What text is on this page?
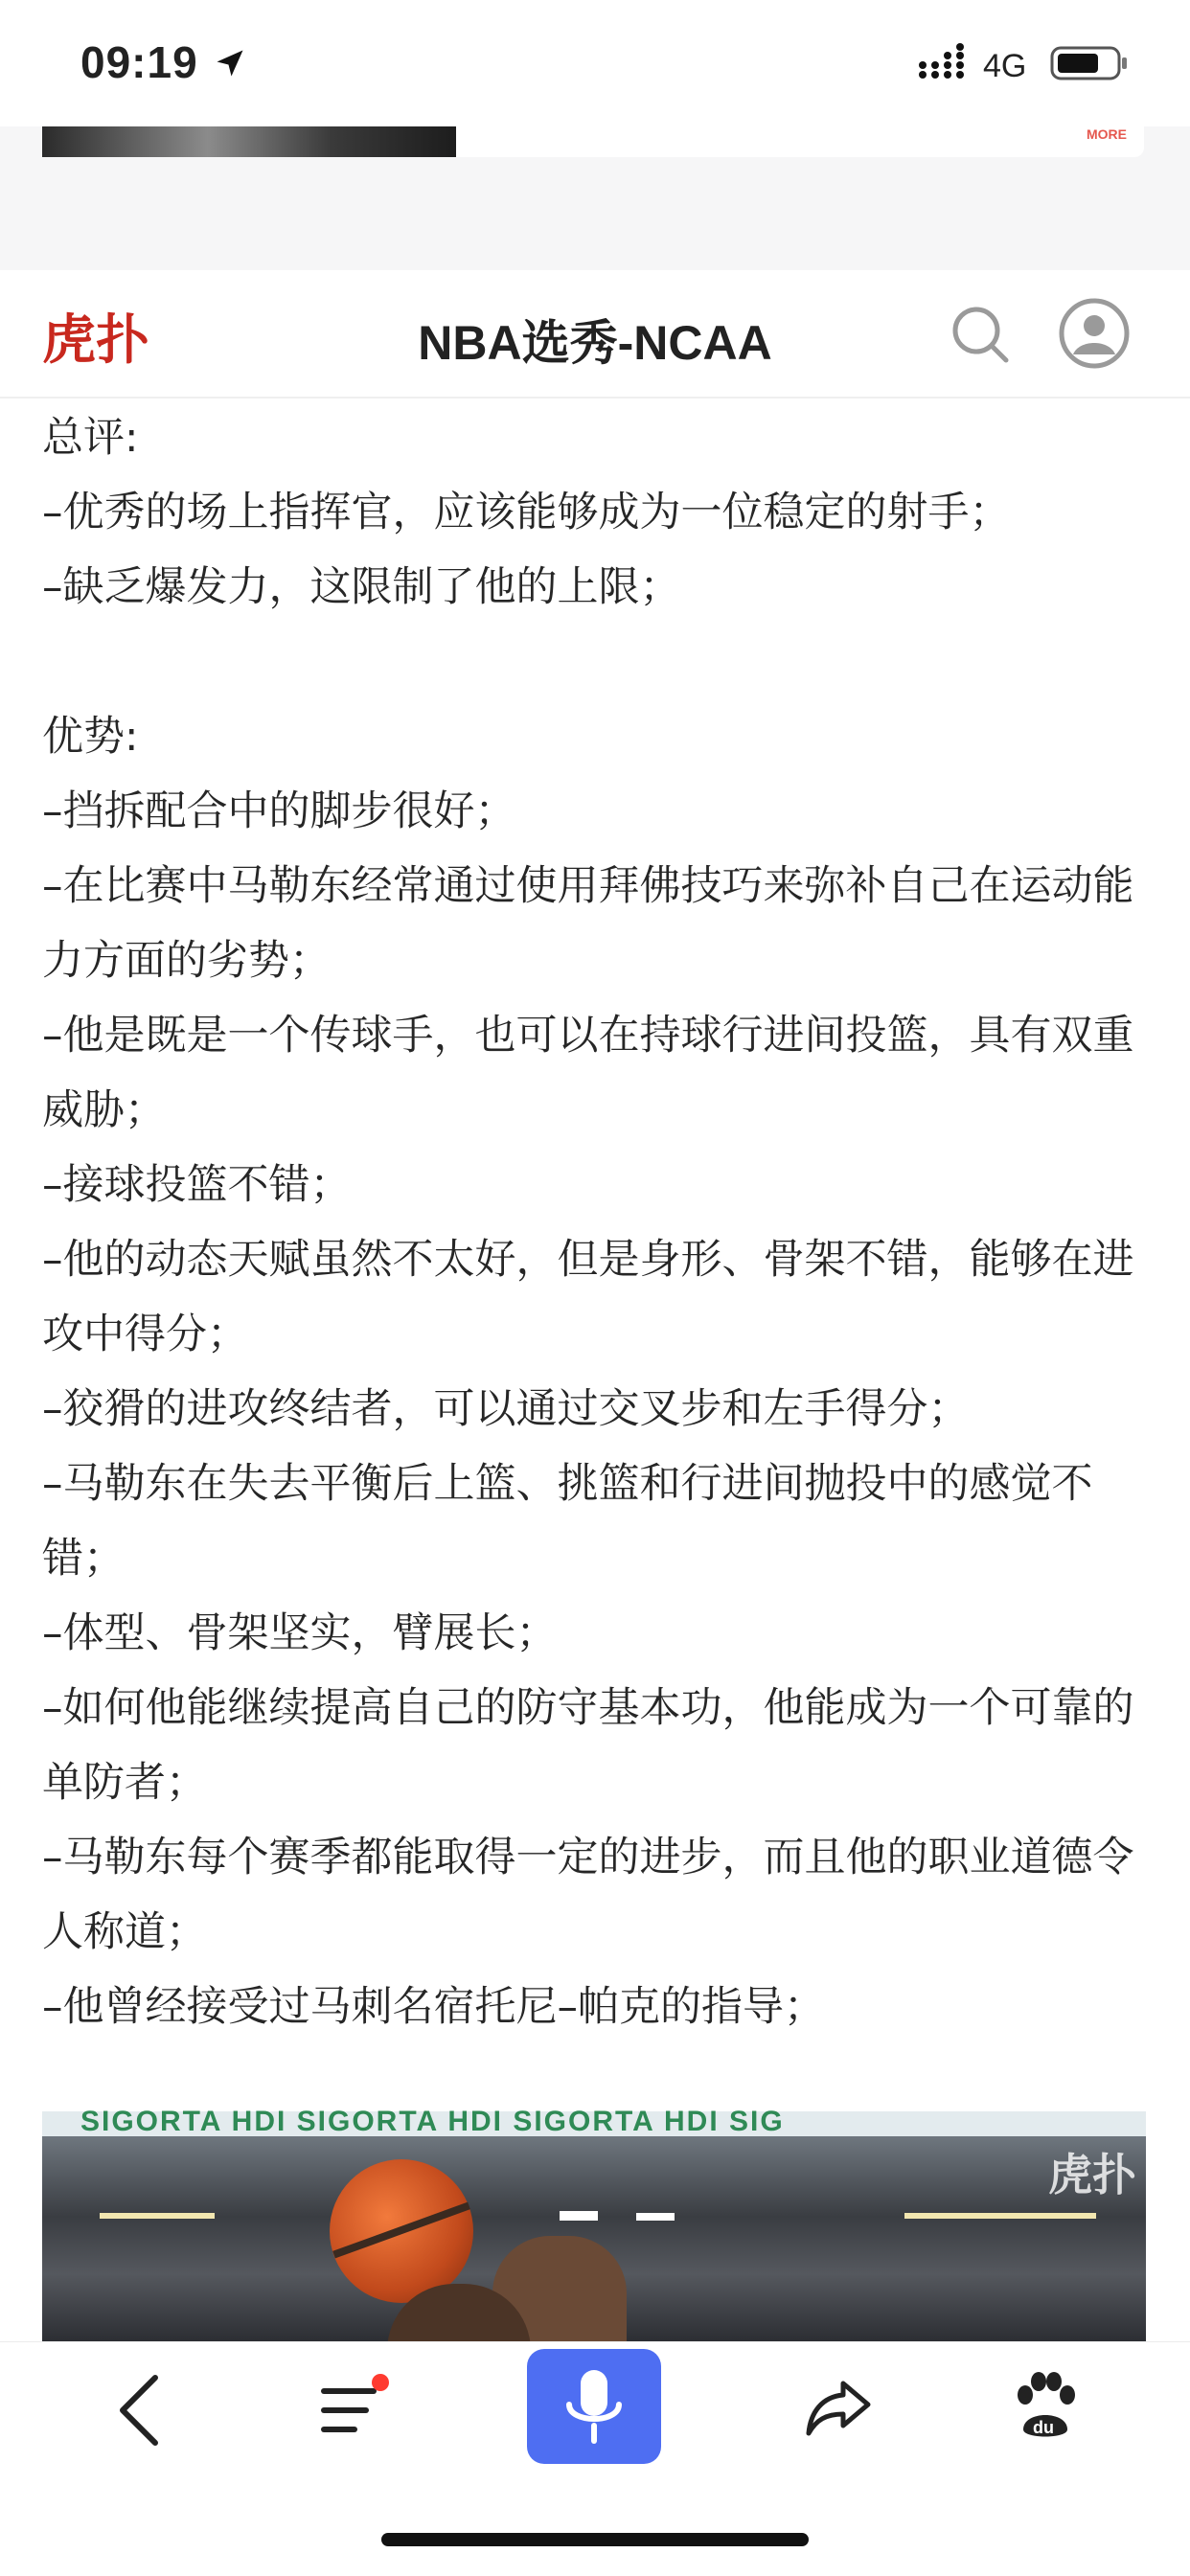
09:19	4G
MORE
虎扑	NBA选秀-NCAA

总评:

–优秀的场上指挥官，应该能够成为一位稳定的射手；

–缺乏爆发力，这限制了他的上限；

优势:

–挡拆配合中的脚步很好；

–在比赛中马勒东经常通过使用拜佛技巧来弥补自己在运动能力方面的劣势；

–他是既是一个传球手，也可以在持球行进间投篮，具有双重威胁；

–接球投篮不错；

–他的动态天赋虽然不太好，但是身形、骨架不错，能够在进攻中得分；

–狡猾的进攻终结者，可以通过交叉步和左手得分；

–马勒东在失去平衡后上篮、挑篮和行进间抛投中的感觉不错；

–体型、骨架坚实，臂展长；

–如何他能继续提高自己的防守基本功，他能成为一个可靠的单防者；

–马勒东每个赛季都能取得一定的进步，而且他的职业道德令人称道；

–他曾经接受过马刺名宿托尼–帕克的指导；

SIGORTA HDI SIGORTA HDI SIGORTA HDI SIG
虎扑
du
